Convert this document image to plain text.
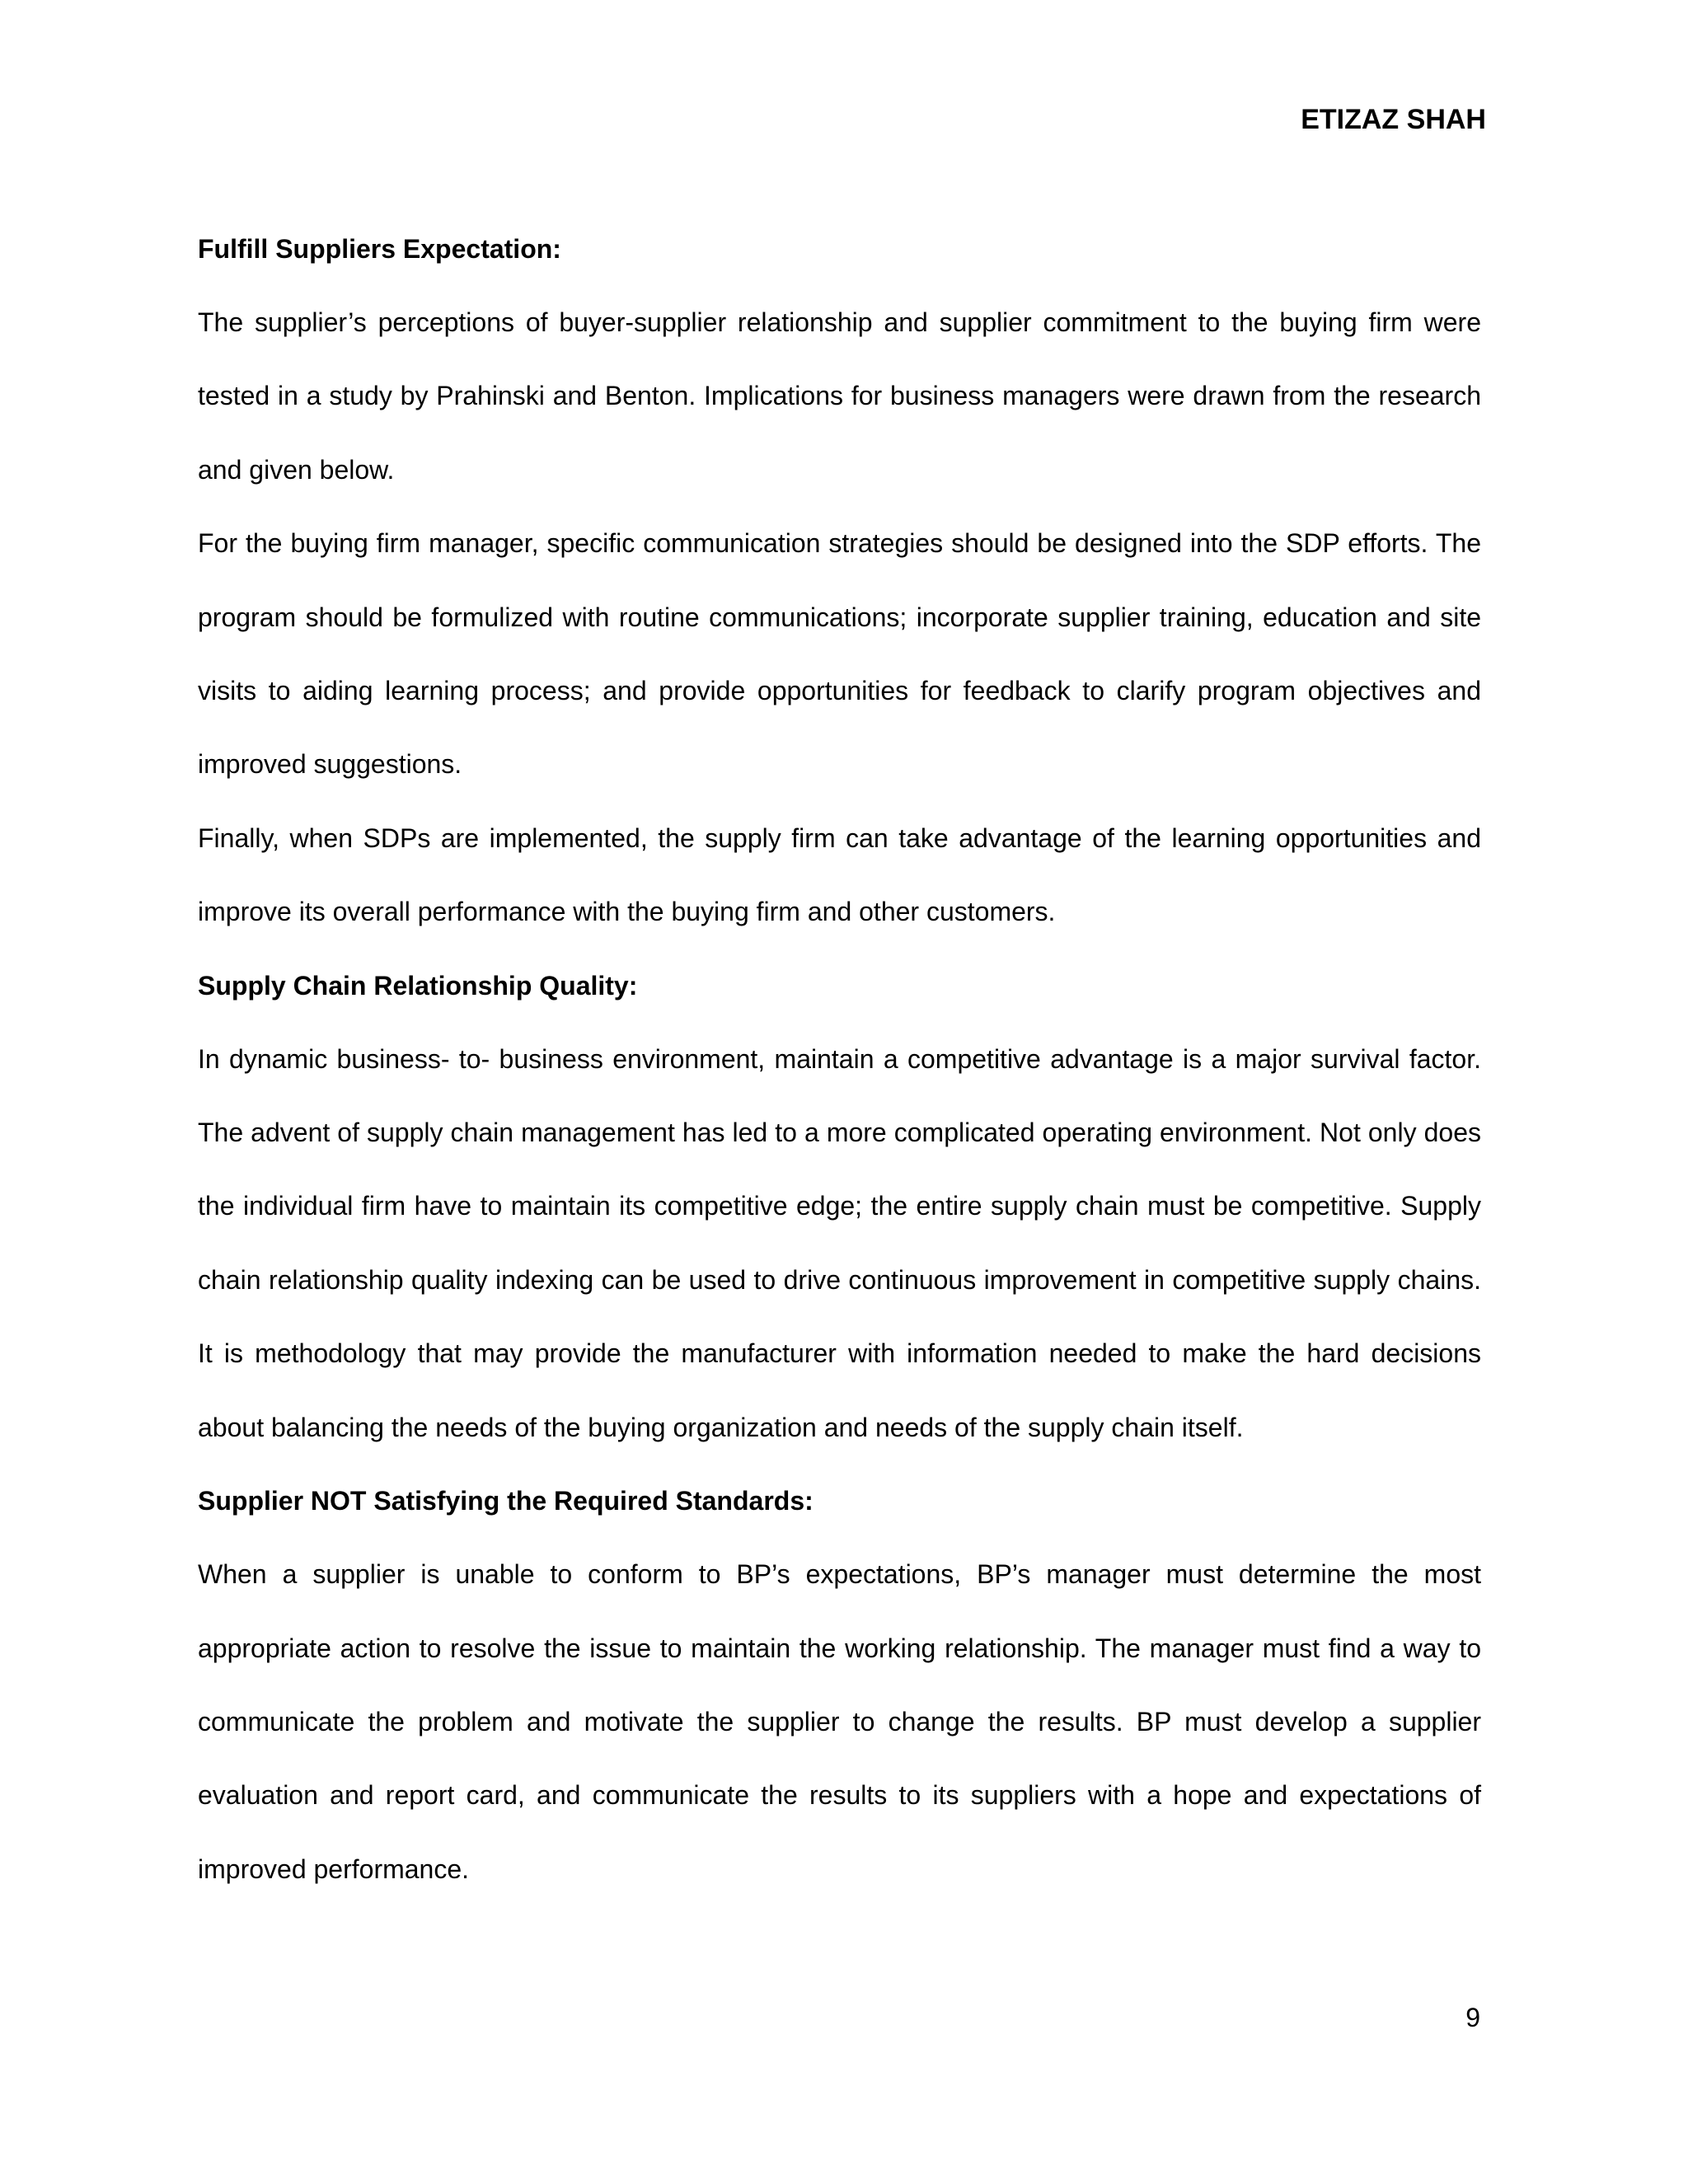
ETIZAZ SHAH
Fulfill Suppliers Expectation:

The supplier’s perceptions of buyer-supplier relationship and supplier commitment to the buying firm were tested in a study by Prahinski and Benton. Implications for business managers were drawn from the research and given below.

For the buying firm manager, specific communication strategies should be designed into the SDP efforts. The program should be formulized with routine communications; incorporate supplier training, education and site visits to aiding learning process; and provide opportunities for feedback to clarify program objectives and improved suggestions.

Finally, when SDPs are implemented, the supply firm can take advantage of the learning opportunities and improve its overall performance with the buying firm and other customers.

Supply Chain Relationship Quality:

In dynamic business- to- business environment, maintain a competitive advantage is a major survival factor. The advent of supply chain management has led to a more complicated operating environment. Not only does the individual firm have to maintain its competitive edge; the entire supply chain must be competitive. Supply chain relationship quality indexing can be used to drive continuous improvement in competitive supply chains. It is methodology that may provide the manufacturer with information needed to make the hard decisions about balancing the needs of the buying organization and needs of the supply chain itself.

Supplier NOT Satisfying the Required Standards:

When a supplier is unable to conform to BP’s expectations, BP’s manager must determine the most appropriate action to resolve the issue to maintain the working relationship. The manager must find a way to communicate the problem and motivate the supplier to change the results. BP must develop a supplier evaluation and report card, and communicate the results to its suppliers with a hope and expectations of improved performance.

9
